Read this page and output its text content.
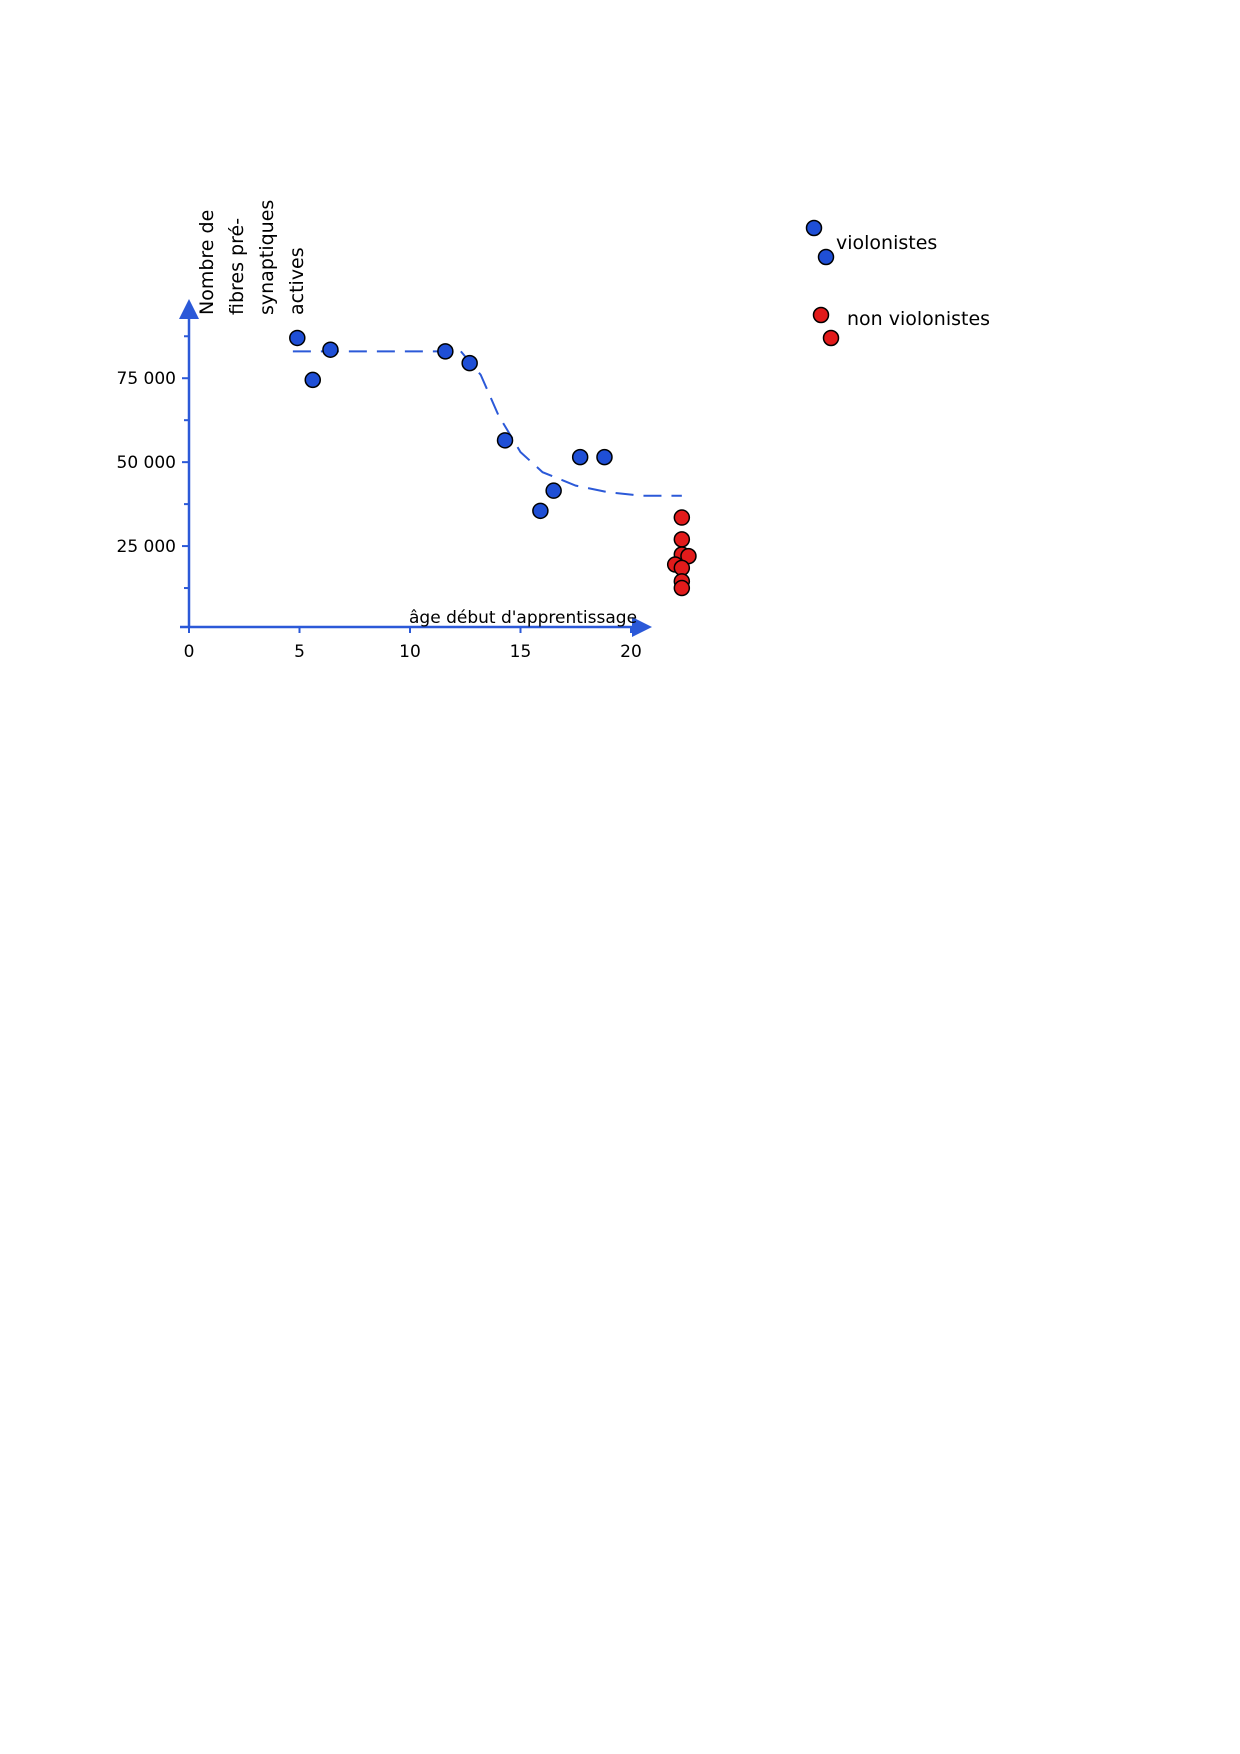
0	5	10	15	20
25 000
50 000
75 000
Nombre de fibres pré- synaptiques actives
âge début d'apprentissage
violonistes
non violonistes
